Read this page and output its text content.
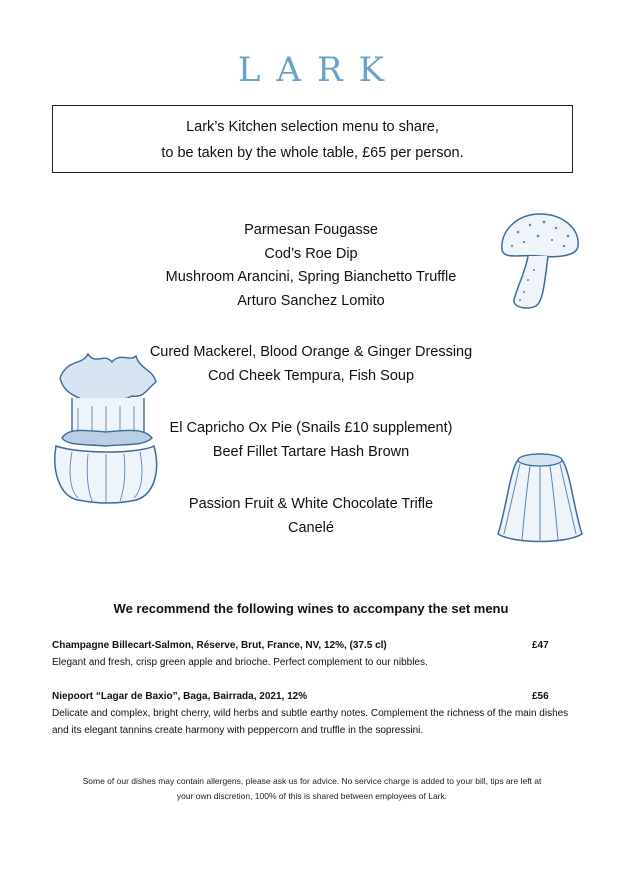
LARK
Lark’s Kitchen selection menu to share,
to be taken by the whole table, £65 per person.
Parmesan Fougasse
Cod’s Roe Dip
Mushroom Arancini, Spring Bianchetto Truffle
Arturo Sanchez Lomito
Cured Mackerel, Blood Orange & Ginger Dressing
Cod Cheek Tempura, Fish Soup
El Capricho Ox Pie (Snails £10 supplement)
Beef Fillet Tartare Hash Brown
Passion Fruit & White Chocolate Trifle
Canelé
We recommend the following wines to accompany the set menu
Champagne Billecart-Salmon, Réserve, Brut, France, NV, 12%, (37.5 cl)	£47
Elegant and fresh, crisp green apple and brioche. Perfect complement to our nibbles.
Niepoort “Lagar de Baxio”, Baga, Bairrada, 2021, 12%	£56
Delicate and complex, bright cherry, wild herbs and subtle earthy notes. Complement the richness of the main dishes and its elegant tannins create harmony with peppercorn and truffle in the sopressini.
Some of our dishes may contain allergens, please ask us for advice. No service charge is added to your bill, tips are left at
your own discretion, 100% of this is shared between employees of Lark.
